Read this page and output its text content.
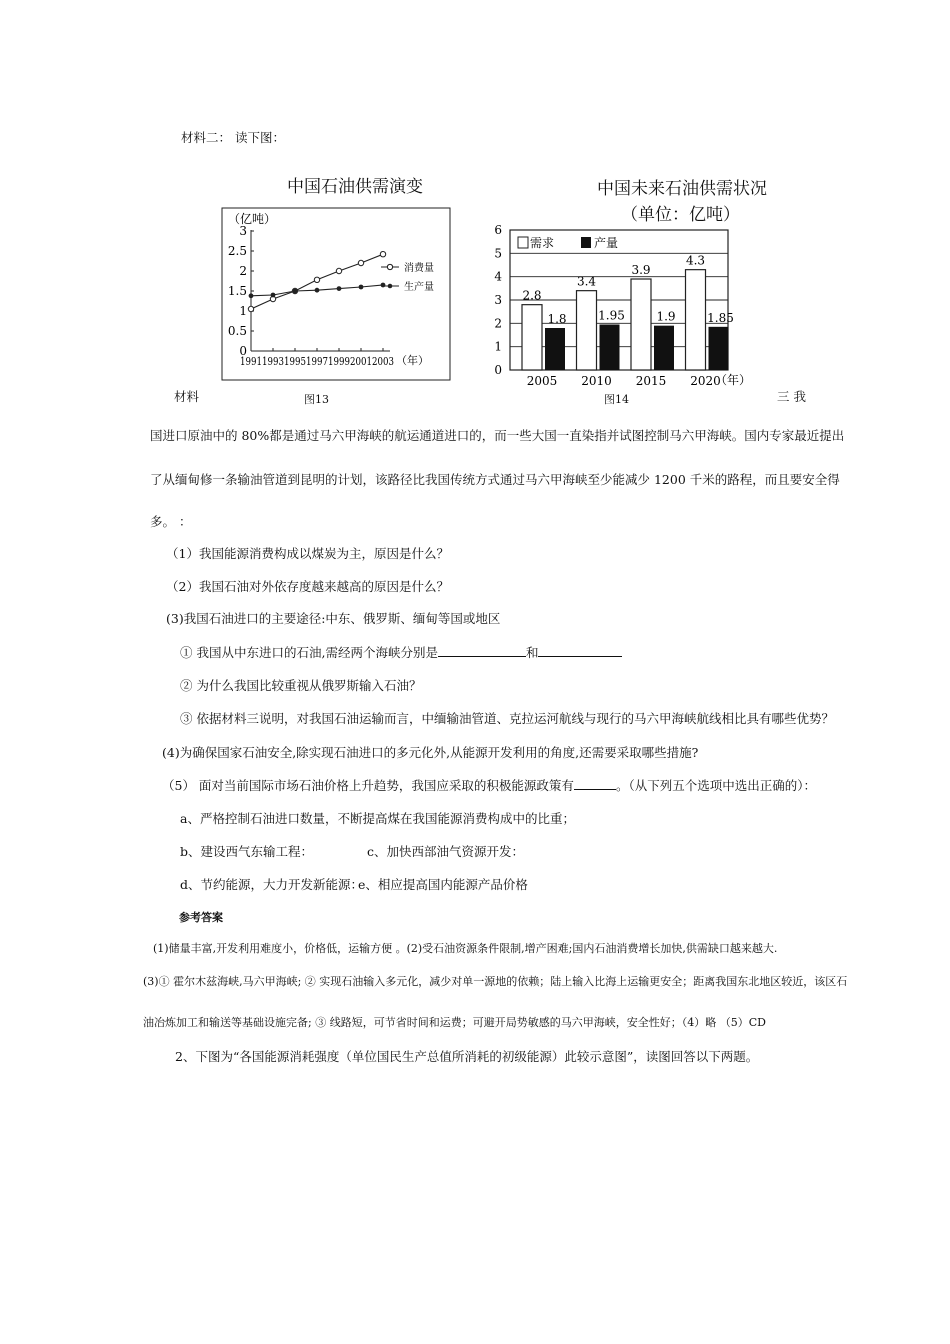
材料二： 读下图：
中国石油供需演变
（亿吨）
0
0.5
1
1.5
2
2.5
3
1991 1993 1995 1997 1999 2001 2003 （年）
消费量
生产量
中国未来石油供需状况
（单位：亿吨）
0
1
2
3
4
5
6
2.8
1.8
2005
3.4
1.95
2010
3.9
1.9
2015
4.3
1.85
2020
需求	产量
（年）
材料	图13	图14	三 我
国进口原油中的 80%都是通过马六甲海峡的航运通道进口的，而一些大国一直染指并试图控制马六甲海峡。国内专家最近提出
了从缅甸修一条输油管道到昆明的计划，该路径比我国传统方式通过马六甲海峡至少能减少 1200 千米的路程，而且要安全得
多。 ：
（1）我国能源消费构成以煤炭为主，原因是什么？
（2）我国石油对外依存度越来越高的原因是什么？
(3)我国石油进口的主要途径:中东、俄罗斯、缅甸等国或地区
① 我国从中东进口的石油,需经两个海峡分别是	和
② 为什么我国比较重视从俄罗斯输入石油？
③ 依据材料三说明，对我国石油运输而言，中缅输油管道、克拉运河航线与现行的马六甲海峡航线相比具有哪些优势？
(4)为确保国家石油安全,除实现石油进口的多元化外,从能源开发利用的角度,还需要采取哪些措施?
（5） 面对当前国际市场石油价格上升趋势，我国应采取的积极能源政策有	。（从下列五个选项中选出正确的）：
a、严格控制石油进口数量，不断提高煤在我国能源消费构成中的比重；
b、建设西气东输工程：	c、加快西部油气资源开发：
d、节约能源，大力开发新能源：
e、相应提高国内能源产品价格
参考答案
(1)储量丰富,开发利用难度小，价格低，运输方便 。(2)受石油资源条件限制,增产困难;国内石油消费增长加快,供需缺口越来越大.
(3)① 霍尔木兹海峡,马六甲海峡; ② 实现石油输入多元化，减少对单一源地的依赖；陆上输入比海上运输更安全；距离我国东北地区较近，该区石
油冶炼加工和输送等基础设施完备; ③ 线路短，可节省时间和运费；可避开局势敏感的马六甲海峡，安全性好；（4）略 （5）CD
2、下图为“各国能源消耗强度（单位国民生产总值所消耗的初级能源）此较示意图”，读图回答以下两题。
